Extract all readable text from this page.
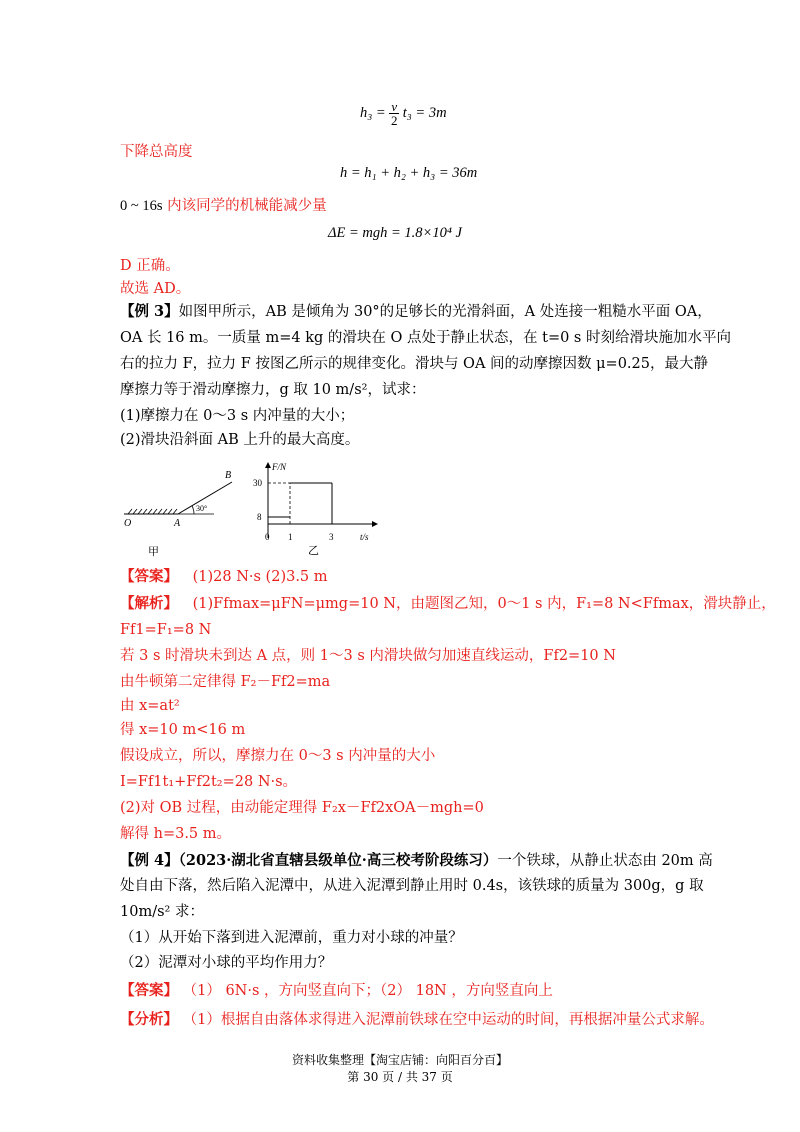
$h_3 = \frac{v}{2} t_3 = 3m$
下降总高度
h = h₁ + h₂ + h₃ = 36m
0 ~ 16s 内该同学的机械能减少量
ΔE = mgh = 1.8×10⁴ J
D 正确。
故选 AD。
【例 3】如图甲所示，AB 是倾角为 30°的足够长的光滑斜面，A 处连接一粗糙水平面 OA，
OA 长 16 m。一质量 m=4 kg 的滑块在 O 点处于静止状态，在 t=0 s 时刻给滑块施加水平向
右的拉力 F，拉力 F 按图乙所示的规律变化。滑块与 OA 间的动摩擦因数 μ=0.25，最大静
摩擦力等于滑动摩擦力，g 取 10 m/s²，试求：
(1)摩擦力在 0～3 s 内冲量的大小；
(2)滑块沿斜面 AB 上升的最大高度。
30°
B
A
O
甲
F/N
t/s
30
8
0 1	3
乙
【答案】 (1)28 N·s (2)3.5 m
【解析】 (1)Ffmax=μFN=μmg=10 N，由题图乙知，0～1 s 内，F₁=8 N<Ffmax，滑块静止，
Ff1=F₁=8 N
若 3 s 时滑块未到达 A 点，则 1～3 s 内滑块做匀加速直线运动，Ff2=10 N
由牛顿第二定律得 F₂－Ff2=ma
由 x=at²
得 x=10 m<16 m
假设成立，所以，摩擦力在 0～3 s 内冲量的大小
I=Ff1t₁+Ff2t₂=28 N·s。
(2)对 OB 过程，由动能定理得 F₂x－Ff2xOA－mgh=0
解得 h=3.5 m。
【例 4】（2023·湖北省直辖县级单位·高三校考阶段练习）一个铁球，从静止状态由 20m 高
处自由下落，然后陷入泥潭中，从进入泥潭到静止用时 0.4s，该铁球的质量为 300g，g 取
10m/s² 求：
（1）从开始下落到进入泥潭前，重力对小球的冲量？
（2）泥潭对小球的平均作用力？
【答案】 （1） 6N·s ，方向竖直向下；（2） 18N ，方向竖直向上
【分析】 （1）根据自由落体求得进入泥潭前铁球在空中运动的时间，再根据冲量公式求解。
资料收集整理【淘宝店铺：向阳百分百】
第 30 页 / 共 37 页
